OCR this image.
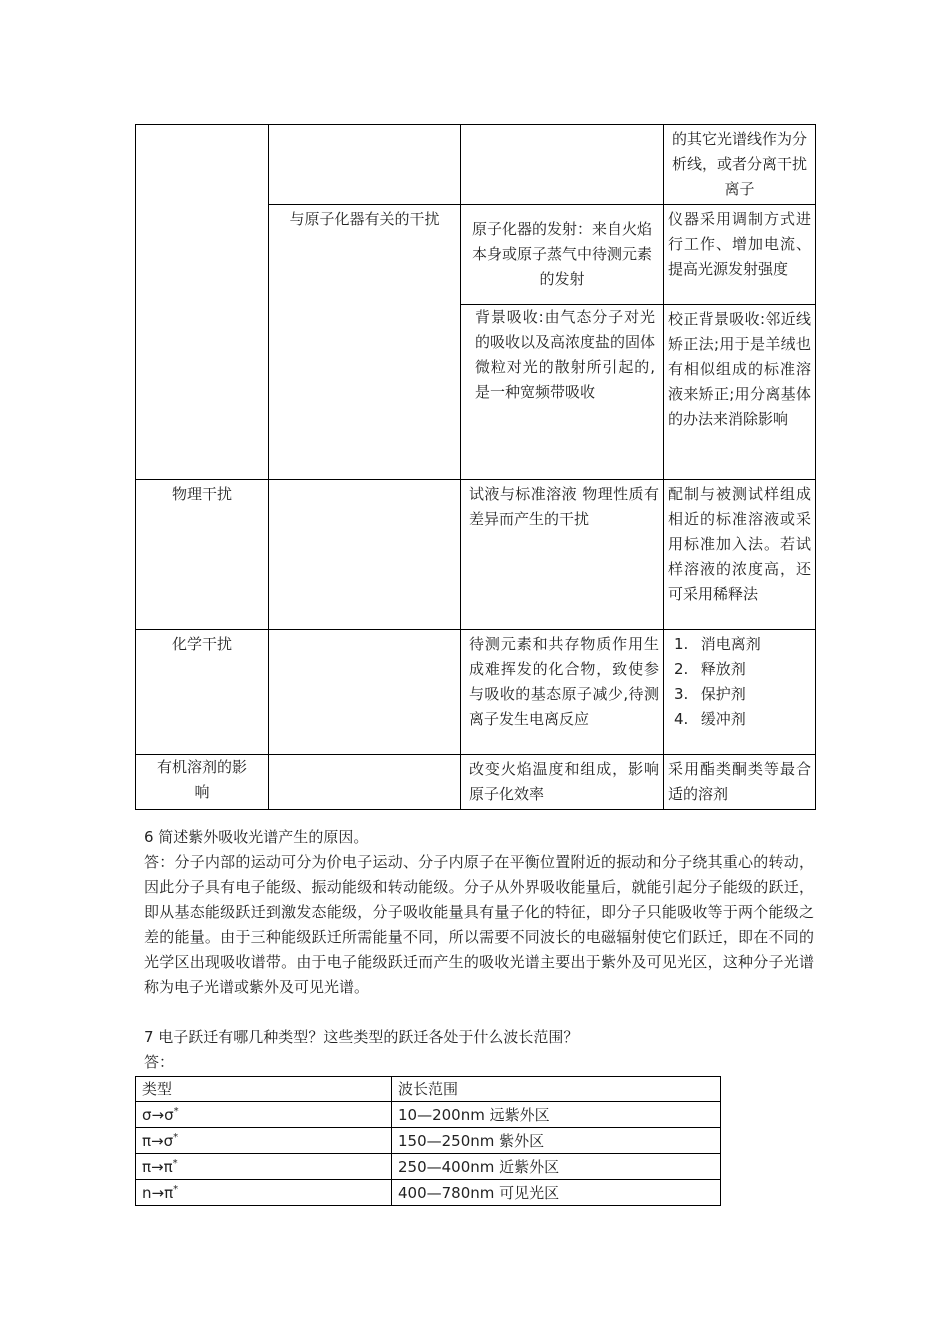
			的其它光谱线作为分析线，或者分离干扰离子
	与原子化器有关的干扰	原子化器的发射：来自火焰本身或原子蒸气中待测元素的发射	仪器采用调制方式进行工作、增加电流、提高光源发射强度
		背景吸收:由气态分子对光的吸收以及高浓度盐的固体微粒对光的散射所引起的,是一种宽频带吸收	校正背景吸收:邻近线矫正法;用于是羊绒也有相似组成的标准溶液来矫正;用分离基体的办法来消除影响
物理干扰		试液与标准溶液 物理性质有差异而产生的干扰	配制与被测试样组成相近的标准溶液或采用标准加入法。若试样溶液的浓度高，还可采用稀释法
化学干扰		待测元素和共存物质作用生成难挥发的化合物，致使参与吸收的基态原子减少,待测离子发生电离反应	1. 消电离剂
2. 释放剂
3. 保护剂
4. 缓冲剂

有机溶剂的影响		改变火焰温度和组成，影响原子化效率	采用酯类酮类等最合适的溶剂
6 简述紫外吸收光谱产生的原因。
答：分子内部的运动可分为价电子运动、分子内原子在平衡位置附近的振动和分子绕其重心的转动，因此分子具有电子能级、振动能级和转动能级。分子从外界吸收能量后，就能引起分子能级的跃迁，即从基态能级跃迁到激发态能级，分子吸收能量具有量子化的特征，即分子只能吸收等于两个能级之差的能量。由于三种能级跃迁所需能量不同，所以需要不同波长的电磁辐射使它们跃迁，即在不同的光学区出现吸收谱带。由于电子能级跃迁而产生的吸收光谱主要出于紫外及可见光区，这种分子光谱称为电子光谱或紫外及可见光谱。
7 电子跃迁有哪几种类型？这些类型的跃迁各处于什么波长范围？
答：
类型	波长范围
σ→σ*	10—200nm 远紫外区
π→σ*	150—250nm 紫外区
π→π*	250—400nm 近紫外区
n→π*	400—780nm 可见光区
